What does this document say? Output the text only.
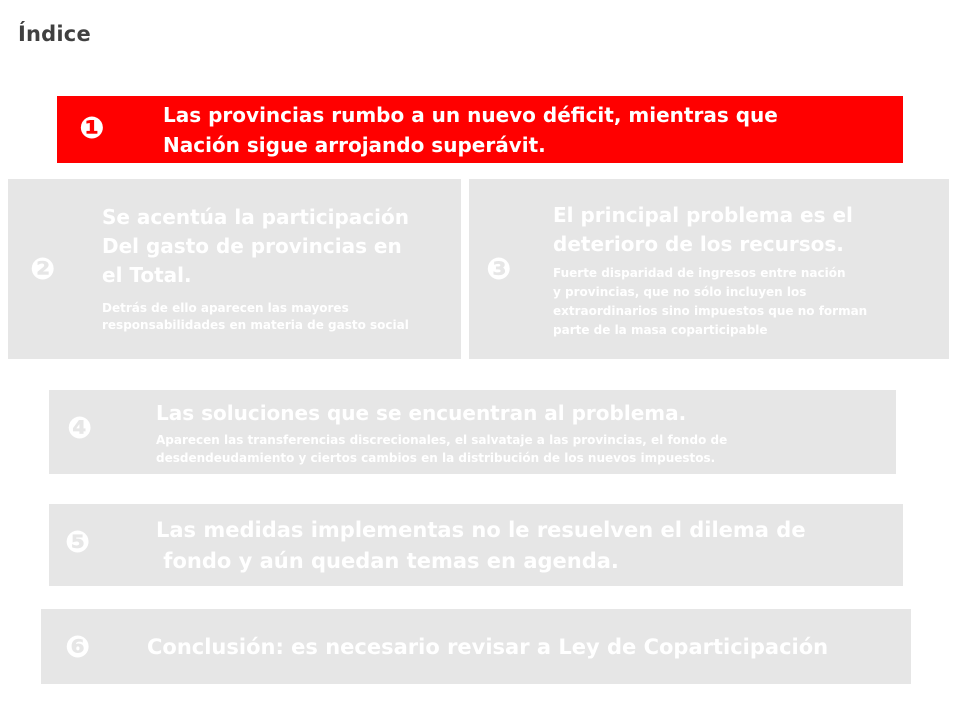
Índice
❶	Las provincias rumbo a un nuevo déficit, mientras que
Nación sigue arrojando superávit.
❷
Se acentúa la participación
Del gasto de provincias en
el Total.
Detrás de ello aparecen las mayores
responsabilidades en materia de gasto social
❸
El principal problema es el
deterioro de los recursos.
Fuerte disparidad de ingresos entre nación
y provincias, que no sólo incluyen los
extraordinarios sino impuestos que no forman
parte de la masa coparticipable
❹	Las soluciones que se encuentran al problema.
Aparecen las transferencias discrecionales, el salvataje a las provincias, el fondo de
desdendeudamiento y ciertos cambios en la distribución de los nuevos impuestos.
❺	Las medidas implementas no le resuelven el dilema de
fondo y aún quedan temas en agenda.
❻	Conclusión: es necesario revisar a Ley de Coparticipación
